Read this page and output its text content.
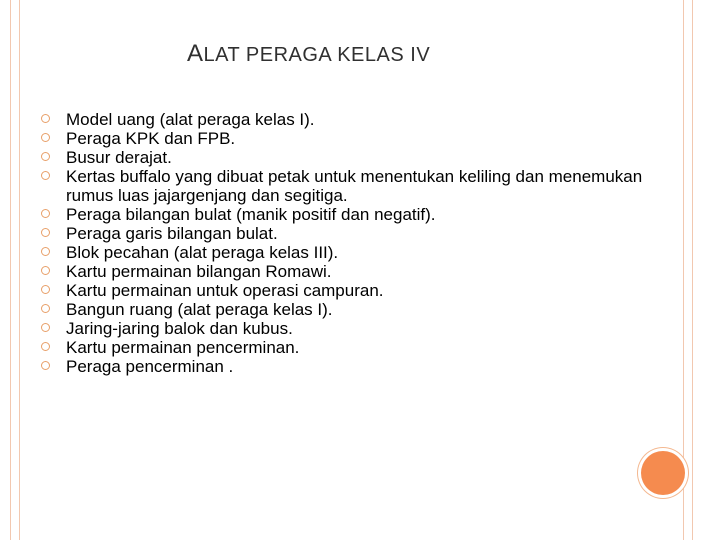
ALAT PERAGA KELAS IV
Model uang (alat peraga kelas I).
Peraga KPK dan FPB.
Busur derajat.
Kertas buffalo yang dibuat petak untuk menentukan keliling dan menemukan rumus luas jajargenjang dan segitiga.
Peraga bilangan bulat (manik positif dan negatif).
Peraga garis bilangan bulat.
Blok pecahan (alat peraga kelas III).
Kartu permainan bilangan Romawi.
Kartu permainan untuk operasi campuran.
Bangun ruang (alat peraga kelas I).
Jaring-jaring balok dan kubus.
Kartu permainan pencerminan.
Peraga pencerminan .
